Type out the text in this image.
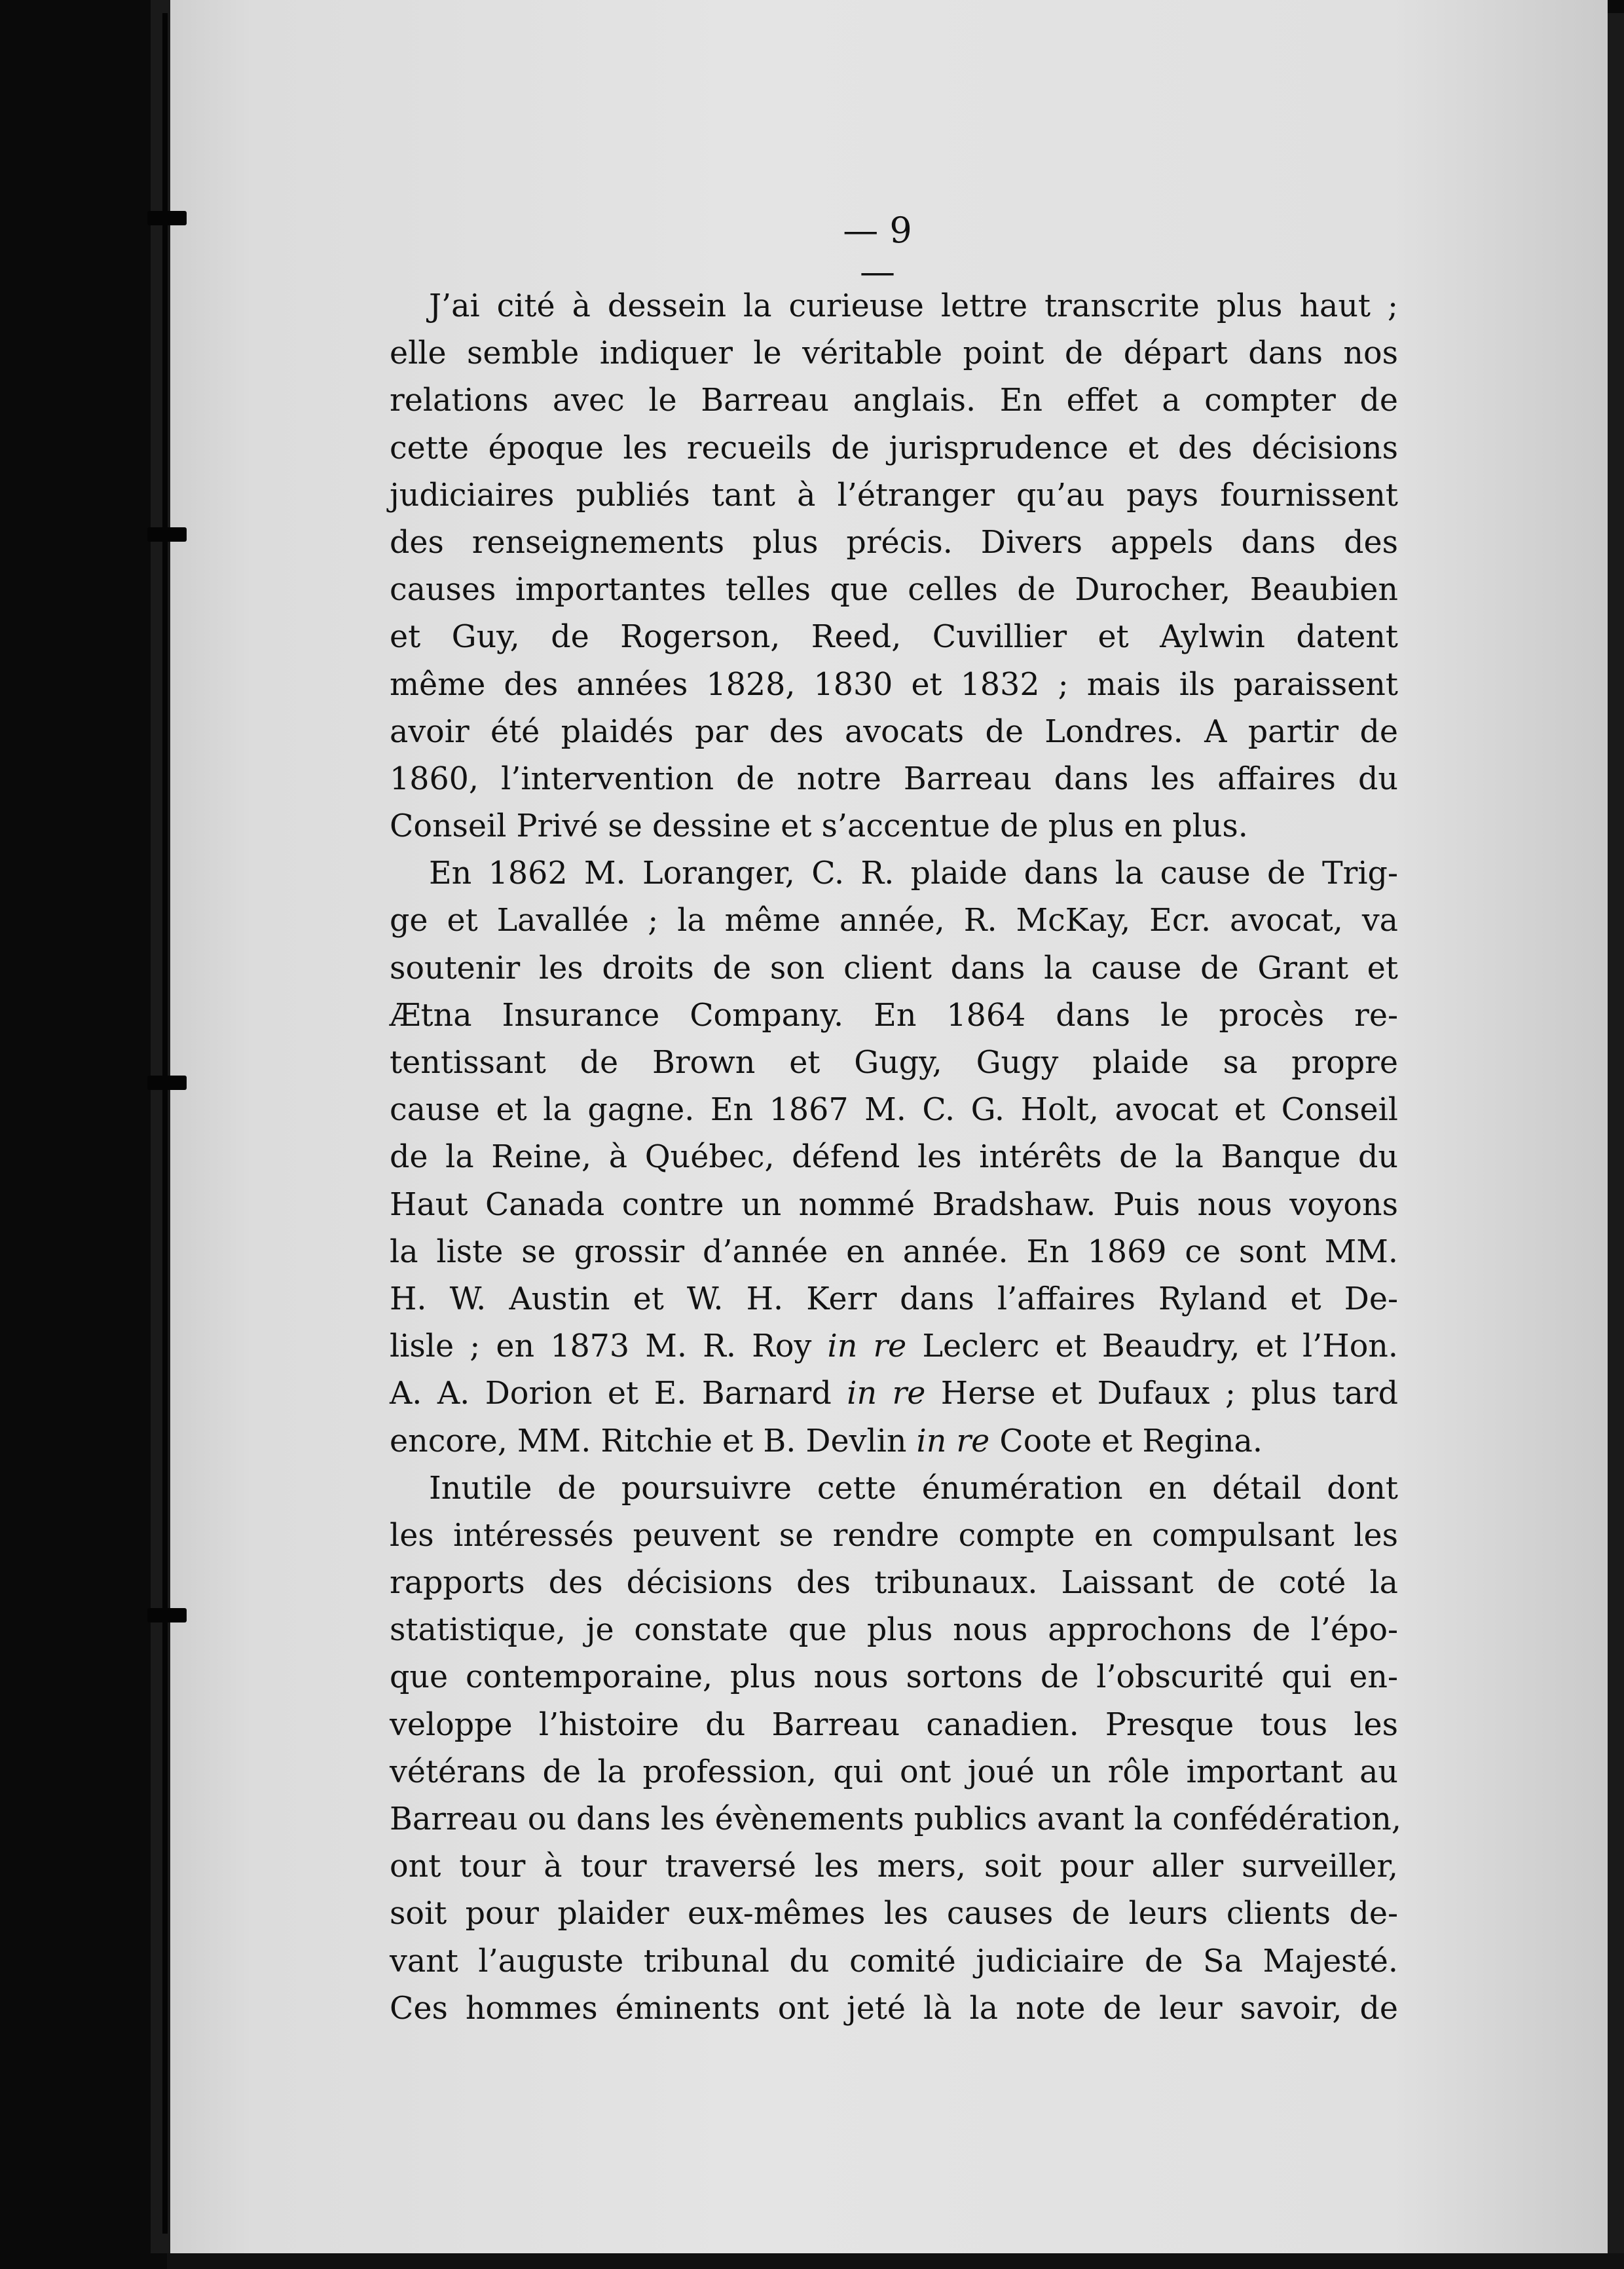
— 9 —
J’ai cité à dessein la curieuse lettre transcrite plus haut ;
elle semble indiquer le véritable point de départ dans nos
relations avec le Barreau anglais. En effet a compter de
cette époque les recueils de jurisprudence et des décisions
judiciaires publiés tant à l’étranger qu’au pays fournissent
des renseignements plus précis. Divers appels dans des
causes importantes telles que celles de Durocher, Beaubien
et Guy, de Rogerson, Reed, Cuvillier et Aylwin datent
même des années 1828, 1830 et 1832 ; mais ils paraissent
avoir été plaidés par des avocats de Londres. A partir de
1860, l’intervention de notre Barreau dans les affaires du
Conseil Privé se dessine et s’accentue de plus en plus.
En 1862 M. Loranger, C. R. plaide dans la cause de Trig-
ge et Lavallée ; la même année, R. McKay, Ecr. avocat, va
soutenir les droits de son client dans la cause de Grant et
Ætna Insurance Company. En 1864 dans le procès re-
tentissant de Brown et Gugy, Gugy plaide sa propre
cause et la gagne. En 1867 M. C. G. Holt, avocat et Conseil
de la Reine, à Québec, défend les intérêts de la Banque du
Haut Canada contre un nommé Bradshaw. Puis nous voyons
la liste se grossir d’année en année. En 1869 ce sont MM.
H. W. Austin et W. H. Kerr dans l’affaires Ryland et De-
lisle ; en 1873 M. R. Roy in re Leclerc et Beaudry, et l’Hon.
A. A. Dorion et E. Barnard in re Herse et Dufaux ; plus tard
encore, MM. Ritchie et B. Devlin in re Coote et Regina.
Inutile de poursuivre cette énumération en détail dont
les intéressés peuvent se rendre compte en compulsant les
rapports des décisions des tribunaux. Laissant de coté la
statistique, je constate que plus nous approchons de l’épo-
que contemporaine, plus nous sortons de l’obscurité qui en-
veloppe l’histoire du Barreau canadien. Presque tous les
vétérans de la profession, qui ont joué un rôle important au
Barreau ou dans les évènements publics avant la confédération,
ont tour à tour traversé les mers, soit pour aller surveiller,
soit pour plaider eux-mêmes les causes de leurs clients de-
vant l’auguste tribunal du comité judiciaire de Sa Majesté.
Ces hommes éminents ont jeté là la note de leur savoir, de
